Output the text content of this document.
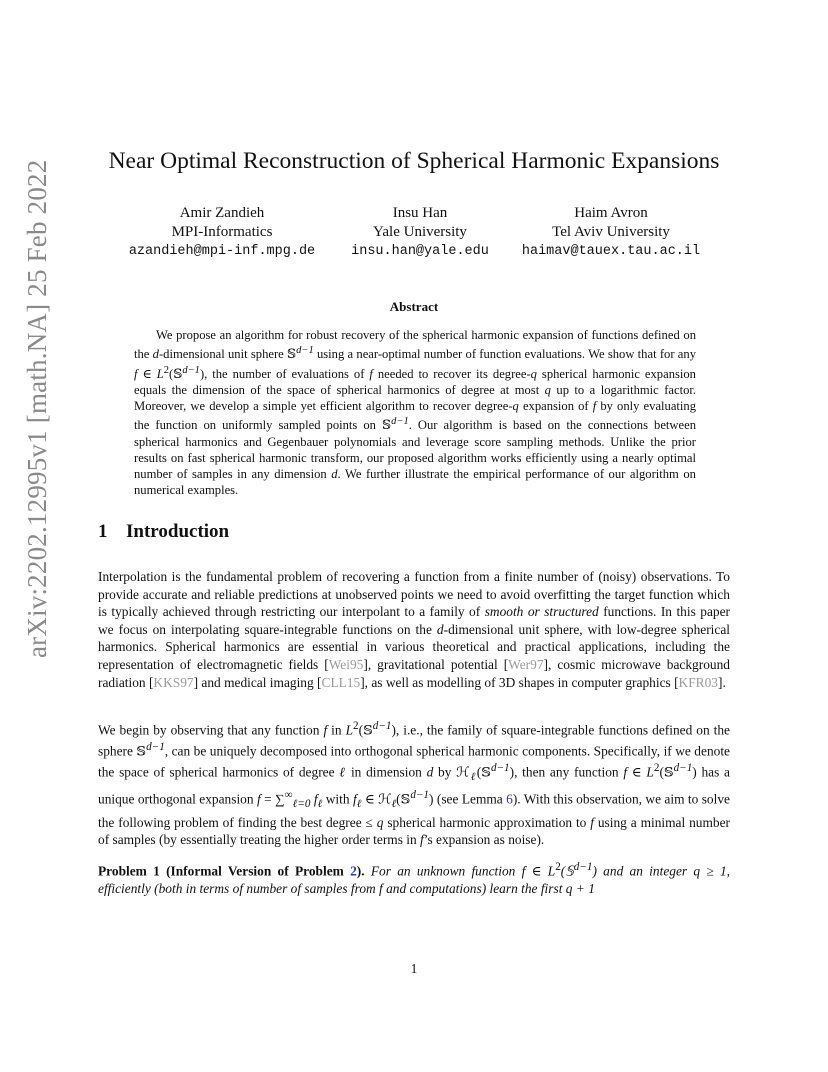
arXiv:2202.12995v1 [math.NA] 25 Feb 2022	Near Optimal Reconstruction of Spherical Harmonic Expansions
Amir Zandieh
MPI-Informatics
azandieh@mpi-inf.mpg.de
Insu Han
Yale University
insu.han@yale.edu
Haim Avron
Tel Aviv University
haimav@tauex.tau.ac.il
Abstract
We propose an algorithm for robust recovery of the spherical harmonic expansion of functions defined on the d-dimensional unit sphere 𝕊$^{d-1}$ using a near-optimal number of function evaluations. We show that for any f ∈ $L^2(𝕊^{d-1})$, the number of evaluations of f needed to recover its degree-q spherical harmonic expansion equals the dimension of the space of spherical harmonics of degree at most q up to a logarithmic factor. Moreover, we develop a simple yet efficient algorithm to recover degree-q expansion of f by only evaluating the function on uniformly sampled points on 𝕊$^{d-1}$. Our algorithm is based on the connections between spherical harmonics and Gegenbauer polynomials and leverage score sampling methods. Unlike the prior results on fast spherical harmonic transform, our proposed algorithm works efficiently using a nearly optimal number of samples in any dimension d. We further illustrate the empirical performance of our algorithm on numerical examples.
1 Introduction
Interpolation is the fundamental problem of recovering a function from a finite number of (noisy) observations. To provide accurate and reliable predictions at unobserved points we need to avoid overfitting the target function which is typically achieved through restricting our interpolant to a family of smooth or structured functions. In this paper we focus on interpolating square-integrable functions on the d-dimensional unit sphere, with low-degree spherical harmonics. Spherical harmonics are essential in various theoretical and practical applications, including the representation of electromagnetic fields [Wei95], gravitational potential [Wer97], cosmic microwave background radiation [KKS97] and medical imaging [CLL15], as well as modelling of 3D shapes in computer graphics [KFR03].
We begin by observing that any function f in $L^2(𝕊^{d-1})$, i.e., the family of square-integrable functions defined on the sphere 𝕊$^{d-1}$, can be uniquely decomposed into orthogonal spherical harmonic components. Specifically, if we denote the space of spherical harmonics of degree ℓ in dimension d by ℋ$_\ell$(𝕊$^{d-1}$), then any function f ∈ $L^2(𝕊^{d-1})$ has a unique orthogonal expansion $f = \sum^\infty_{\ell=0}$ $f_\ell$ with $f_\ell$ ∈ ℋ$_\ell$(𝕊$^{d-1}$) (see Lemma 6). With this observation, we aim to solve the following problem of finding the best degree ≤ q spherical harmonic approximation to f using a minimal number of samples (by essentially treating the higher order terms in f’s expansion as noise).
Problem 1 (Informal Version of Problem 2). For an unknown function f ∈ $L^2(𝕊^{d-1})$ and an integer q ≥ 1, efficiently (both in terms of number of samples from f and computations) learn the first q + 1
1
